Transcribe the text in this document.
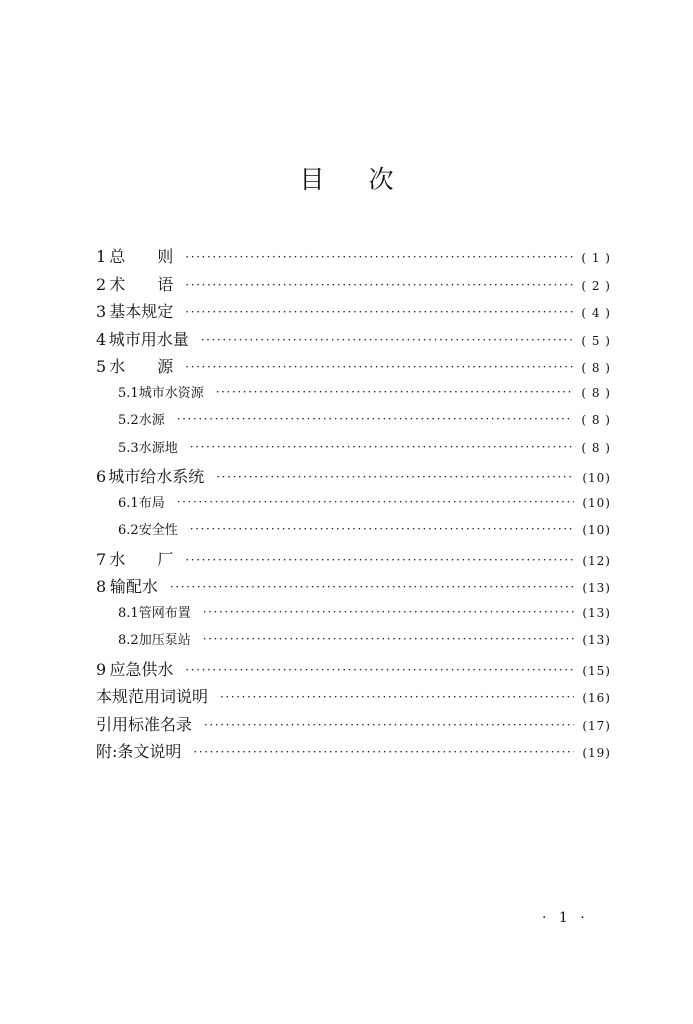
目 次
1 总 则 ·····	( 1 )
2 术 语 ·····	( 2 )
3 基本规定 ·····	( 4 )
4 城市用水量 ·····	( 5 )
5 水 源 ·····	( 8 )
5.1 城市水资源 ·····	( 8 )
5.2 水源 ·····	( 8 )
5.3 水源地 ·····	( 8 )
6 城市给水系统 ·····	(10)
6.1 布局 ·····	(10)
6.2 安全性 ·····	(10)
7 水 厂 ·····	(12)
8 输配水 ·····	(13)
8.1 管网布置 ·····	(13)
8.2 加压泵站 ·····	(13)
9 应急供水 ·····	(15)
本规范用词说明 ·····	(16)
引用标准名录 ·····	(17)
附:条文说明 ·····	(19)
· 1 ·
